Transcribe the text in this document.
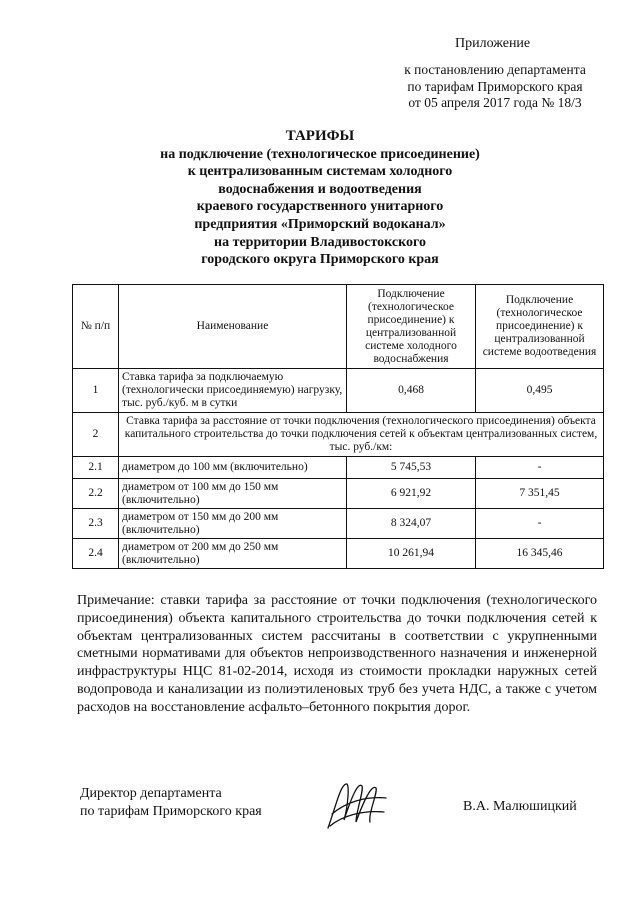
Приложение
к постановлению департамента
по тарифам Приморского края
от 05 апреля 2017 года № 18/3
ТАРИФЫ
на подключение (технологическое присоединение)
к централизованным системам холодного
водоснабжения и водоотведения
краевого государственного унитарного
предприятия «Приморский водоканал»
на территории Владивостокского
городского округа Приморского края
№ п/п	Наименование	Подключение (технологическое присоединение) к централизованной системе холодного водоснабжения	Подключение (технологическое присоединение) к централизованной системе водоотведения
1	Ставка тарифа за подключаемую (технологически присоединяемую) нагрузку, тыс. руб./куб. м в сутки	0,468	0,495
2	Ставка тарифа за расстояние от точки подключения (технологического присоединения) объекта капитального строительства до точки подключения сетей к объектам централизованных систем, тыс. руб./км:		
2.1	диаметром до 100 мм (включительно)	5 745,53	-
2.2	диаметром от 100 мм до 150 мм (включительно)	6 921,92	7 351,45
2.3	диаметром от 150 мм до 200 мм (включительно)	8 324,07	-
2.4	диаметром от 200 мм до 250 мм (включительно)	10 261,94	16 345,46
Примечание: ставки тарифа за расстояние от точки подключения (технологического присоединения) объекта капитального строительства до точки подключения сетей к объектам централизованных систем рассчитаны в соответствии с укрупненными сметными нормативами для объектов непроизводственного назначения и инженерной инфраструктуры НЦС 81-02-2014, исходя из стоимости прокладки наружных сетей водопровода и канализации из полиэтиленовых труб без учета НДС, а также с учетом расходов на восстановление асфальто–бетонного покрытия дорог.
Директор департамента
по тарифам Приморского края	В.А. Малюшицкий
